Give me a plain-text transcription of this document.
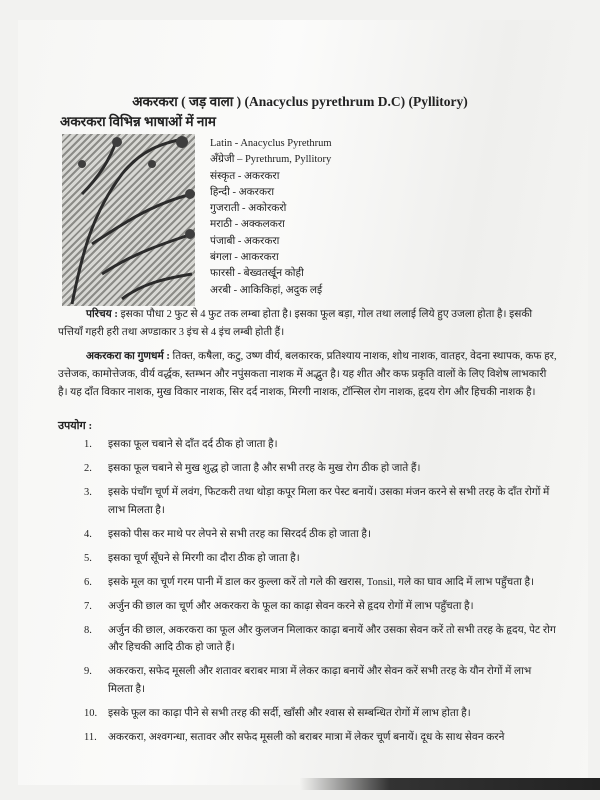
अकरकरा ( जड़ वाला ) (Anacyclus pyrethrum D.C) (Pyllitory)
अकरकरा विभिन्न भाषाओं में नाम
Latin - Anacyclus Pyrethrum
अँग्रेजी – Pyrethrum, Pyllitory
संस्कृत - अकरकरा
हिन्दी - अकरकरा
गुजराती - अकोरकरो
मराठी - अक्कलकरा
पंजाबी - अकरकरा
बंगला - आकरकरा
फारसी - बेख्वतर्खून कोही
अरबी - आकिकिहां, अदुक लई
परिचय : इसका पौधा 2 फुट से 4 फुट तक लम्बा होता है। इसका फूल बड़ा, गोल तथा ललाई लिये हुए उजला होता है। इसकी पत्तियाँ गहरी हरी तथा अण्डाकार 3 इंच से 4 इंच लम्बी होती हैं।
अकरकरा का गुणधर्म : तिक्त, कषैला, कटु, उष्ण वीर्य, बलकारक, प्रतिश्याय नाशक, शोथ नाशक, वातहर, वेदना स्थापक, कफ हर, उत्तेजक, कामोत्तेजक, वीर्य वर्द्धक, स्तम्भन और नपुंसकता नाशक में अद्भुत है। यह शीत और कफ प्रकृति वालों के लिए विशेष लाभकारी है। यह दाँत विकार नाशक, मुख विकार नाशक, सिर दर्द नाशक, मिरगी नाशक, टॉन्सिल रोग नाशक, हृदय रोग और हिचकी नाशक है।
उपयोग :
1. इसका फूल चबाने से दाँत दर्द ठीक हो जाता है।
2. इसका फूल चबाने से मुख शुद्ध हो जाता है और सभी तरह के मुख रोग ठीक हो जाते हैं।
3. इसके पंचाँग चूर्ण में लवंग, फिटकरी तथा थोड़ा कपूर मिला कर पेस्ट बनायें। उसका मंजन करने से सभी तरह के दाँत रोगों में लाभ मिलता है।
4. इसको पीस कर माथे पर लेपने से सभी तरह का सिरदर्द ठीक हो जाता है।
5. इसका चूर्ण सूँघने से मिरगी का दौरा ठीक हो जाता है।
6. इसके मूल का चूर्ण गरम पानी में डाल कर कुल्ला करें तो गले की खरास, Tonsil, गले का घाव आदि में लाभ पहुँचता है।
7. अर्जुन की छाल का चूर्ण और अकरकरा के फूल का काढ़ा सेवन करने से हृदय रोगों में लाभ पहुँचता है।
8. अर्जुन की छाल, अकरकरा का फूल और कुलजन मिलाकर काढ़ा बनायें और उसका सेवन करें तो सभी तरह के हृदय, पेट रोग और हिचकी आदि ठीक हो जाते हैं।
9. अकरकरा, सफेद मूसली और शतावर बराबर मात्रा में लेकर काढ़ा बनायें और सेवन करें सभी तरह के यौन रोगों में लाभ मिलता है।
10. इसके फूल का काढ़ा पीने से सभी तरह की सर्दी, खाँसी और श्वास से सम्बन्धित रोगों में लाभ होता है।
11. अकरकरा, अश्वगन्धा, सतावर और सफेद मूसली को बराबर मात्रा में लेकर चूर्ण बनायें। दूध के साथ सेवन करने
